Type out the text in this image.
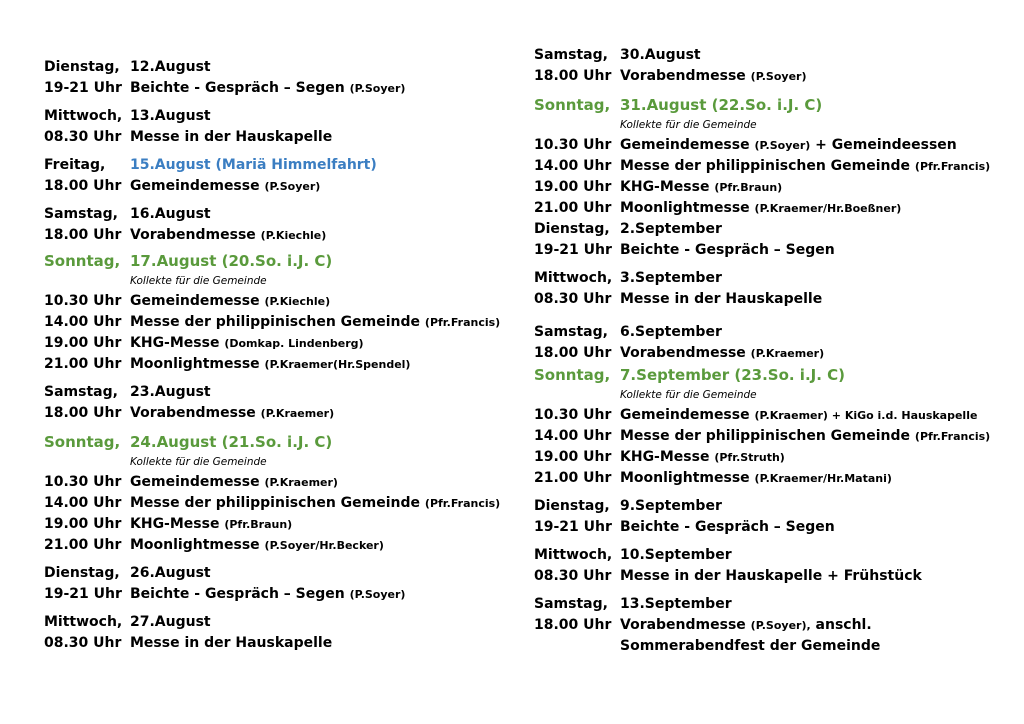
Dienstag, 12.August
19-21 Uhr Beichte - Gespräch – Segen (P.Soyer)
Mittwoch, 13.August
08.30 Uhr Messe in der Hauskapelle
Freitag, 15.August (Mariä Himmelfahrt)
18.00 Uhr Gemeindemesse (P.Soyer)
Samstag, 16.August
18.00 Uhr Vorabendmesse (P.Kiechle)
Sonntag, 17.August (20.So. i.J. C)
Kollekte für die Gemeinde
10.30 Uhr Gemeindemesse (P.Kiechle)
14.00 Uhr Messe der philippinischen Gemeinde (Pfr.Francis)
19.00 Uhr KHG-Messe (Domkap. Lindenberg)
21.00 Uhr Moonlightmesse (P.Kraemer(Hr.Spendel)
Samstag, 23.August
18.00 Uhr Vorabendmesse (P.Kraemer)
Sonntag, 24.August (21.So. i.J. C)
Kollekte für die Gemeinde
10.30 Uhr Gemeindemesse (P.Kraemer)
14.00 Uhr Messe der philippinischen Gemeinde (Pfr.Francis)
19.00 Uhr KHG-Messe (Pfr.Braun)
21.00 Uhr Moonlightmesse (P.Soyer/Hr.Becker)
Dienstag, 26.August
19-21 Uhr Beichte - Gespräch – Segen (P.Soyer)
Mittwoch, 27.August
08.30 Uhr Messe in der Hauskapelle
Samstag, 30.August
18.00 Uhr Vorabendmesse (P.Soyer)
Sonntag, 31.August (22.So. i.J. C)
Kollekte für die Gemeinde
10.30 Uhr Gemeindemesse (P.Soyer) + Gemeindeessen
14.00 Uhr Messe der philippinischen Gemeinde (Pfr.Francis)
19.00 Uhr KHG-Messe (Pfr.Braun)
21.00 Uhr Moonlightmesse (P.Kraemer/Hr.Boeßner)
Dienstag, 2.September
19-21 Uhr Beichte - Gespräch – Segen
Mittwoch, 3.September
08.30 Uhr Messe in der Hauskapelle
Samstag, 6.September
18.00 Uhr Vorabendmesse (P.Kraemer)
Sonntag, 7.September (23.So. i.J. C)
Kollekte für die Gemeinde
10.30 Uhr Gemeindemesse (P.Kraemer) + KiGo i.d. Hauskapelle
14.00 Uhr Messe der philippinischen Gemeinde (Pfr.Francis)
19.00 Uhr KHG-Messe (Pfr.Struth)
21.00 Uhr Moonlightmesse (P.Kraemer/Hr.Matani)
Dienstag, 9.September
19-21 Uhr Beichte - Gespräch – Segen
Mittwoch, 10.September
08.30 Uhr Messe in der Hauskapelle + Frühstück
Samstag, 13.September
18.00 Uhr Vorabendmesse (P.Soyer), anschl.
Sommerabendfest der Gemeinde
